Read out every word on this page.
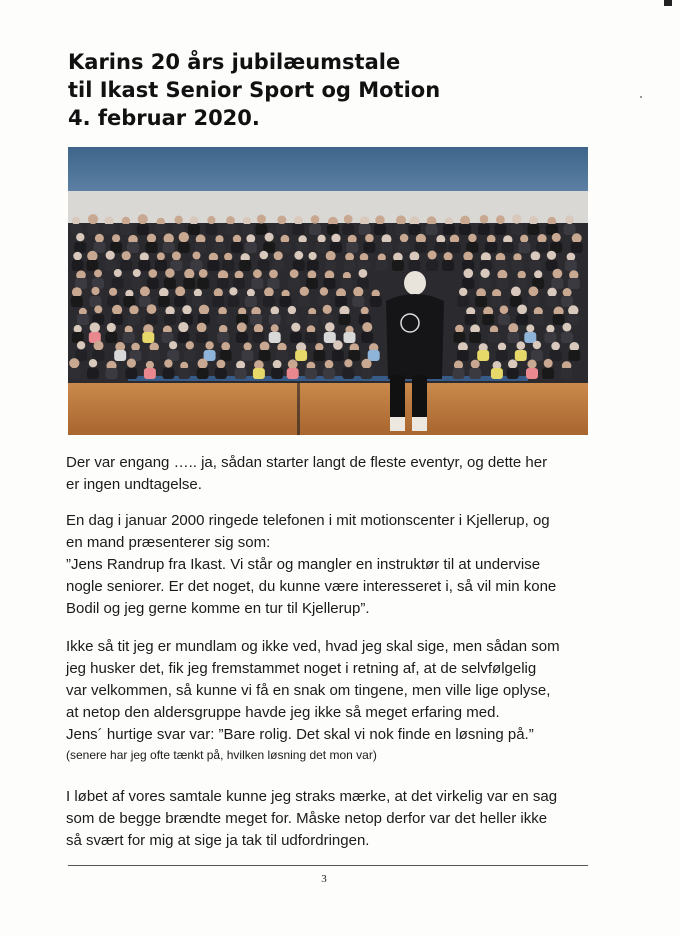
Karins 20 års jubilæumstale
til Ikast Senior Sport og Motion
4. februar 2020.
Der var engang ….. ja, sådan starter langt de fleste eventyr, og dette her
er ingen undtagelse.
En dag i januar 2000 ringede telefonen i mit motionscenter i Kjellerup, og
en mand præsenterer sig som:
”Jens Randrup fra Ikast. Vi står og mangler en instruktør til at undervise
nogle seniorer. Er det noget, du kunne være interesseret i, så vil min kone
Bodil og jeg gerne komme en tur til Kjellerup”.
Ikke så tit jeg er mundlam og ikke ved, hvad jeg skal sige, men sådan som
jeg husker det, fik jeg fremstammet noget i retning af, at de selvfølgelig
var velkommen, så kunne vi få en snak om tingene, men ville lige oplyse,
at netop den aldersgruppe havde jeg ikke så meget erfaring med.
Jens´ hurtige svar var: ”Bare rolig. Det skal vi nok finde en løsning på.”
(senere har jeg ofte tænkt på, hvilken løsning det mon var)
I løbet af vores samtale kunne jeg straks mærke, at det virkelig var en sag
som de begge brændte meget for. Måske netop derfor var det heller ikke
så svært for mig at sige ja tak til udfordringen.
3
